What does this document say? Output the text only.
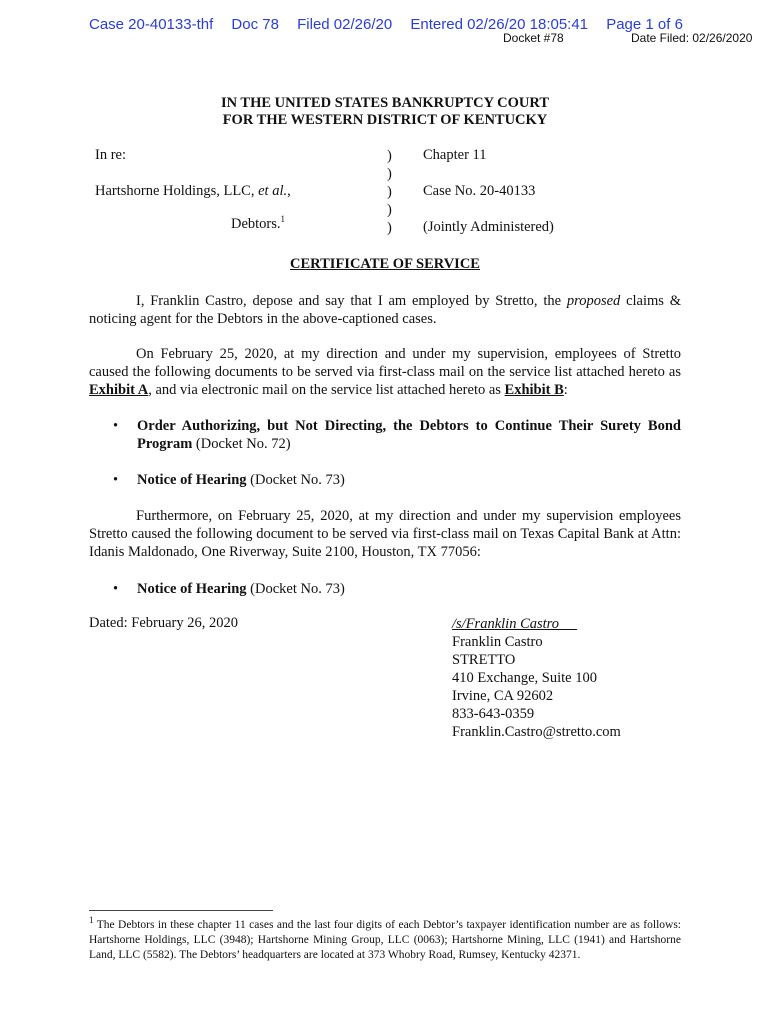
Case 20-40133-thf Doc 78 Filed 02/26/20 Entered 02/26/20 18:05:41 Page 1 of 6
Docket #78	Date Filed: 02/26/2020
IN THE UNITED STATES BANKRUPTCY COURT
FOR THE WESTERN DISTRICT OF KENTUCKY
In re:
Hartshorne Holdings, LLC, et al.,
Debtors.$^1$
)
)
)
)
)
Chapter 11
Case No. 20-40133
(Jointly Administered)
CERTIFICATE OF SERVICE
I, Franklin Castro, depose and say that I am employed by Stretto, the proposed claims & noticing agent for the Debtors in the above-captioned cases.
On February 25, 2020, at my direction and under my supervision, employees of Stretto caused the following documents to be served via first-class mail on the service list attached hereto as Exhibit A, and via electronic mail on the service list attached hereto as Exhibit B:
• Order Authorizing, but Not Directing, the Debtors to Continue Their Surety Bond Program (Docket No. 72)
• Notice of Hearing (Docket No. 73)
Furthermore, on February 25, 2020, at my direction and under my supervision employees Stretto caused the following document to be served via first-class mail on Texas Capital Bank at Attn: Idanis Maldonado, One Riverway, Suite 2100, Houston, TX 77056:
• Notice of Hearing (Docket No. 73)
Dated: February 26, 2020	/s/Franklin Castro
Franklin Castro
STRETTO
410 Exchange, Suite 100
Irvine, CA 92602
833-643-0359
Franklin.Castro@stretto.com
$^1$ The Debtors in these chapter 11 cases and the last four digits of each Debtor’s taxpayer identification number are as follows: Hartshorne Holdings, LLC (3948); Hartshorne Mining Group, LLC (0063); Hartshorne Mining, LLC (1941) and Hartshorne Land, LLC (5582). The Debtors’ headquarters are located at 373 Whobry Road, Rumsey, Kentucky 42371.
